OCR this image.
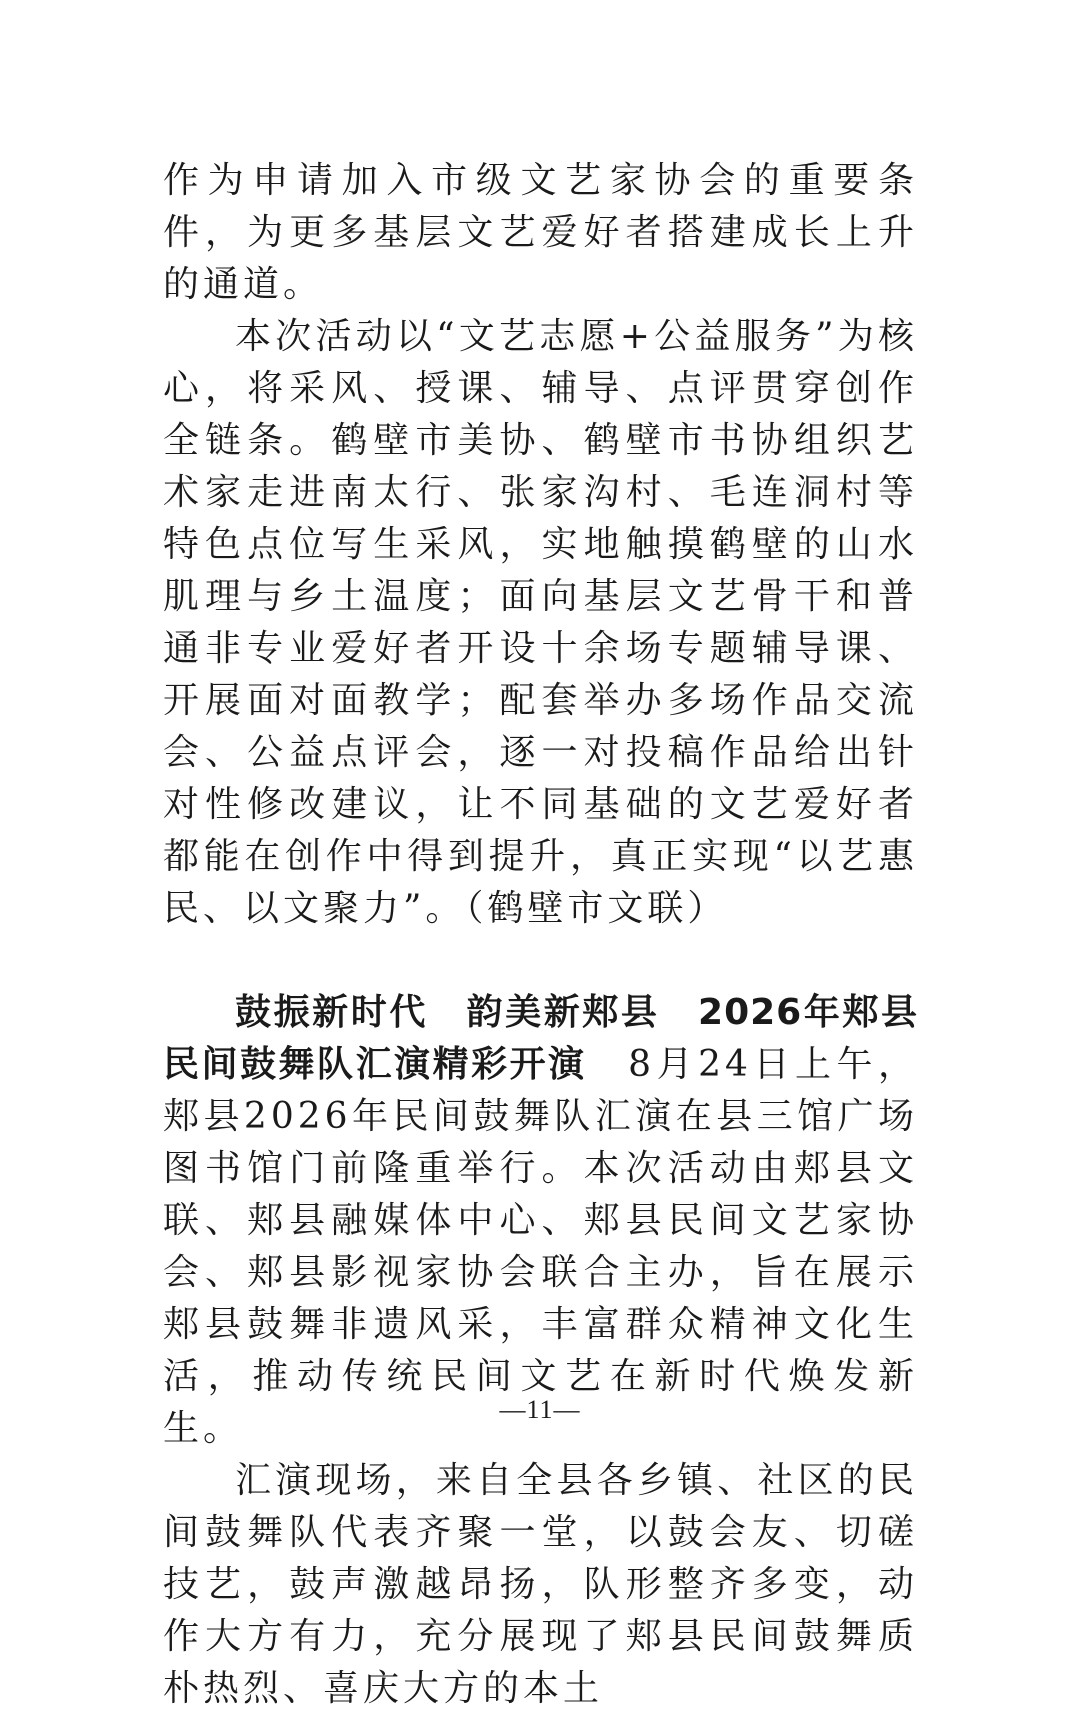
作为申请加入市级文艺家协会的重要条件，为更多基层文艺爱好者搭建成长上升的通道。

本次活动以“文艺志愿+公益服务”为核心，将采风、授课、辅导、点评贯穿创作全链条。鹤壁市美协、鹤壁市书协组织艺术家走进南太行、张家沟村、毛连洞村等特色点位写生采风，实地触摸鹤壁的山水肌理与乡土温度；面向基层文艺骨干和普通非专业爱好者开设十余场专题辅导课、开展面对面教学；配套举办多场作品交流会、公益点评会，逐一对投稿作品给出针对性修改建议，让不同基础的文艺爱好者都能在创作中得到提升，真正实现“以艺惠民、以文聚力”。（鹤壁市文联）

鼓振新时代　韵美新郏县　2026年郏县民间鼓舞队汇演精彩开演　8月24日上午，郏县2026年民间鼓舞队汇演在县三馆广场图书馆门前隆重举行。本次活动由郏县文联、郏县融媒体中心、郏县民间文艺家协会、郏县影视家协会联合主办，旨在展示郏县鼓舞非遗风采，丰富群众精神文化生活，推动传统民间文艺在新时代焕发新生。

汇演现场，来自全县各乡镇、社区的民间鼓舞队代表齐聚一堂，以鼓会友、切磋技艺，鼓声激越昂扬，队形整齐多变，动作大方有力，充分展现了郏县民间鼓舞质朴热烈、喜庆大方的本土

—11—
